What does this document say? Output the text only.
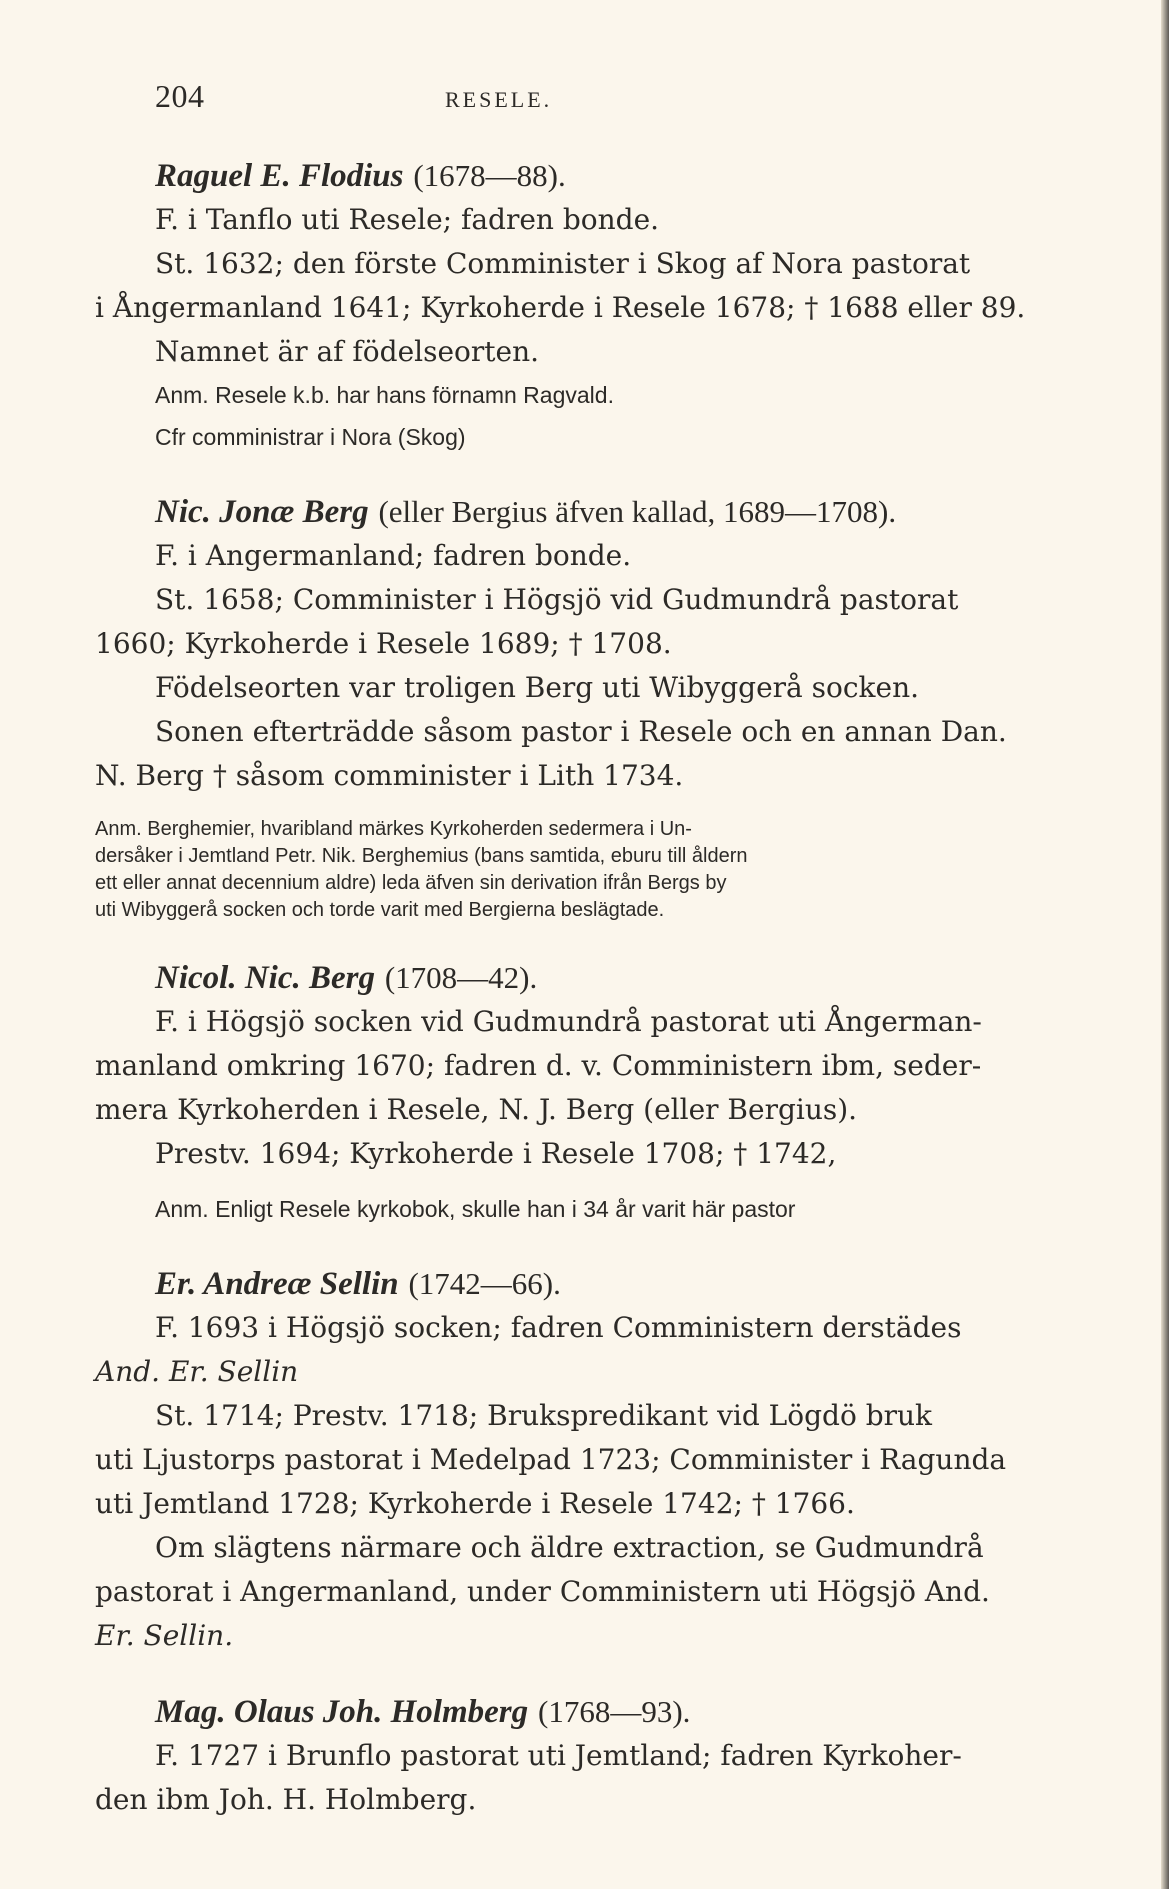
204	RESELE.
Raguel E. Flodius (1678—88).
F. i Tanflo uti Resele; fadren bonde.
St. 1632; den förste Comminister i Skog af Nora pastorat
i Ångermanland 1641; Kyrkoherde i Resele 1678; † 1688 eller 89.
Namnet är af födelseorten.
Anm. Resele k.b. har hans förnamn Ragvald.
Cfr comministrar i Nora (Skog)
Nic. Jonæ Berg (eller Bergius äfven kallad, 1689—1708).
F. i Angermanland; fadren bonde.
St. 1658; Comminister i Högsjö vid Gudmundrå pastorat
1660; Kyrkoherde i Resele 1689; † 1708.
Födelseorten var troligen Berg uti Wibyggerå socken.
Sonen efterträdde såsom pastor i Resele och en annan Dan.
N. Berg † såsom comminister i Lith 1734.
Anm. Berghemier, hvaribland märkes Kyrkoherden sedermera i Un-
dersåker i Jemtland Petr. Nik. Berghemius (bans samtida, eburu till åldern
ett eller annat decennium aldre) leda äfven sin derivation ifrån Bergs by
uti Wibyggerå socken och torde varit med Bergierna beslägtade.
Nicol. Nic. Berg (1708—42).
F. i Högsjö socken vid Gudmundrå pastorat uti Ångerman-
manland omkring 1670; fadren d. v. Comministern ibm, seder-
mera Kyrkoherden i Resele, N. J. Berg (eller Bergius).
Prestv. 1694; Kyrkoherde i Resele 1708; † 1742,
Anm. Enligt Resele kyrkobok, skulle han i 34 år varit här pastor
Er. Andreæ Sellin (1742—66).
F. 1693 i Högsjö socken; fadren Comministern derstädes
And. Er. Sellin
St. 1714; Prestv. 1718; Brukspredikant vid Lögdö bruk
uti Ljustorps pastorat i Medelpad 1723; Comminister i Ragunda
uti Jemtland 1728; Kyrkoherde i Resele 1742; † 1766.
Om slägtens närmare och äldre extraction, se Gudmundrå
pastorat i Angermanland, under Comministern uti Högsjö And.
Er. Sellin.
Mag. Olaus Joh. Holmberg (1768—93).
F. 1727 i Brunflo pastorat uti Jemtland; fadren Kyrkoher-
den ibm Joh. H. Holmberg.
